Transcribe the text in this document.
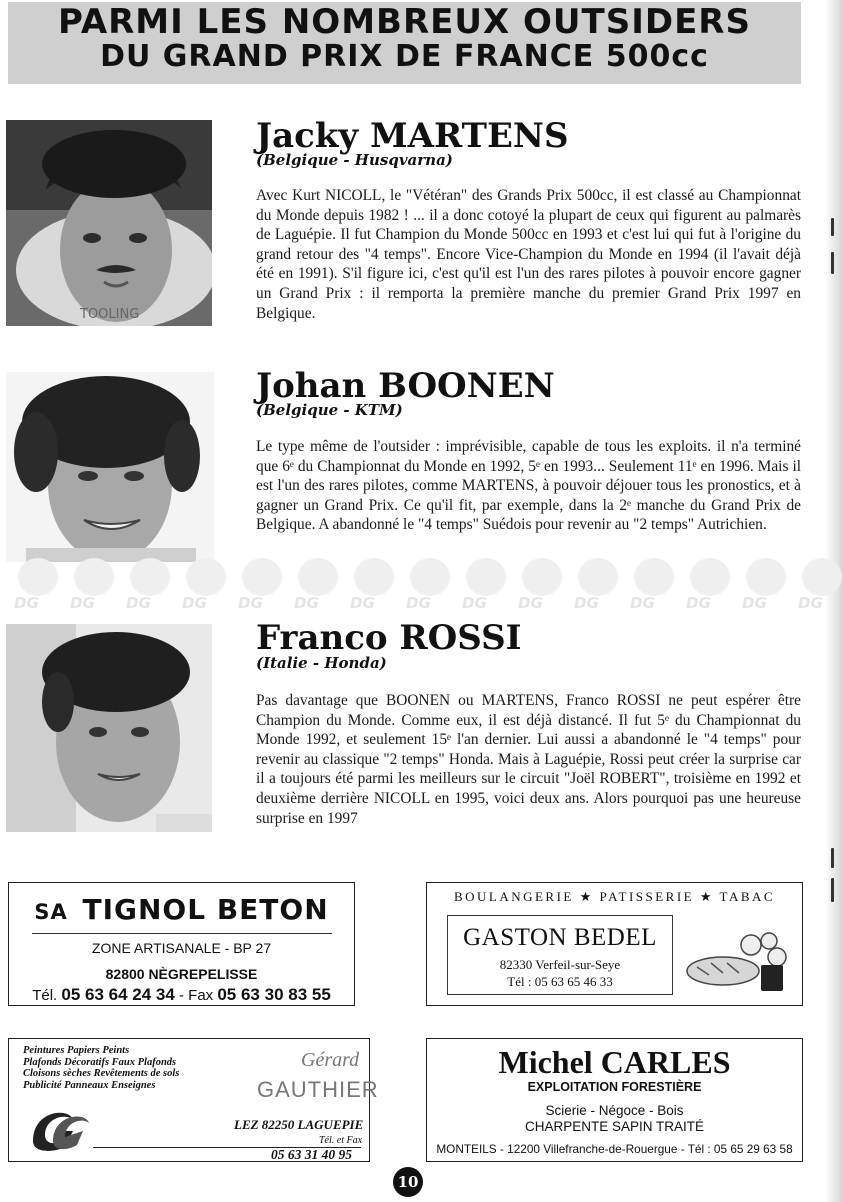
PARMI LES NOMBREUX OUTSIDERS
DU GRAND PRIX DE FRANCE 500cc
TOOLING
Jacky MARTENS
(Belgique - Husqvarna)
Avec Kurt NICOLL, le "Vétéran" des Grands Prix 500cc, il est classé au Championnat du Monde depuis 1982 ! ... il a donc cotoyé la plupart de ceux qui figurent au palmarès de Laguépie. Il fut Champion du Monde 500cc en 1993 et c'est lui qui fut à l'origine du grand retour des "4 temps". Encore Vice-Champion du Monde en 1994 (il l'avait déjà été en 1991). S'il figure ici, c'est qu'il est l'un des rares pilotes à pouvoir encore gagner un Grand Prix : il remporta la première manche du premier Grand Prix 1997 en Belgique.
Johan BOONEN
(Belgique - KTM)
Le type même de l'outsider : imprévisible, capable de tous les exploits. il n'a terminé que 6ᵉ du Championnat du Monde en 1992, 5ᵉ en 1993... Seulement 11ᵉ en 1996. Mais il est l'un des rares pilotes, comme MARTENS, à pouvoir déjouer tous les pronostics, et à gagner un Grand Prix. Ce qu'il fit, par exemple, dans la 2ᵉ manche du Grand Prix de Belgique. A abandonné le "4 temps" Suédois pour revenir au "2 temps" Autrichien.
DG DG DG DG DG DG DG DG DG DG DG DG DG DG DG
Franco ROSSI
(Italie - Honda)
Pas davantage que BOONEN ou MARTENS, Franco ROSSI ne peut espérer être Champion du Monde. Comme eux, il est déjà distancé. Il fut 5ᵉ du Championnat du Monde 1992, et seulement 15ᵉ l'an dernier. Lui aussi a abandonné le "4 temps" pour revenir au classique "2 temps" Honda. Mais à Laguépie, Rossi peut créer la surprise car il a toujours été parmi les meilleurs sur le circuit "Joël ROBERT", troisième en 1992 et deuxième derrière NICOLL en 1995, voici deux ans. Alors pourquoi pas une heureuse surprise en 1997
SA TIGNOL BETON
ZONE ARTISANALE - BP 27
82800 NÈGREPELISSE
Tél. 05 63 64 24 34 - Fax 05 63 30 83 55
BOULANGERIE ★ PATISSERIE ★ TABAC
GASTON BEDEL
82330 Verfeil-sur-Seye
Tél : 05 63 65 46 33
Peintures Papiers Peints
Plafonds Décoratifs Faux Plafonds
Cloisons sèches Revêtements de sols
Publicité Panneaux Enseignes
Gérard
GAUTHIER
LEZ 82250 LAGUEPIE
Tél. et Fax
05 63 31 40 95
Michel CARLES
EXPLOITATION FORESTIÈRE
Scierie - Négoce - Bois
CHARPENTE SAPIN TRAITÉ
MONTEILS - 12200 Villefranche-de-Rouergue - Tél : 05 65 29 63 58
10
